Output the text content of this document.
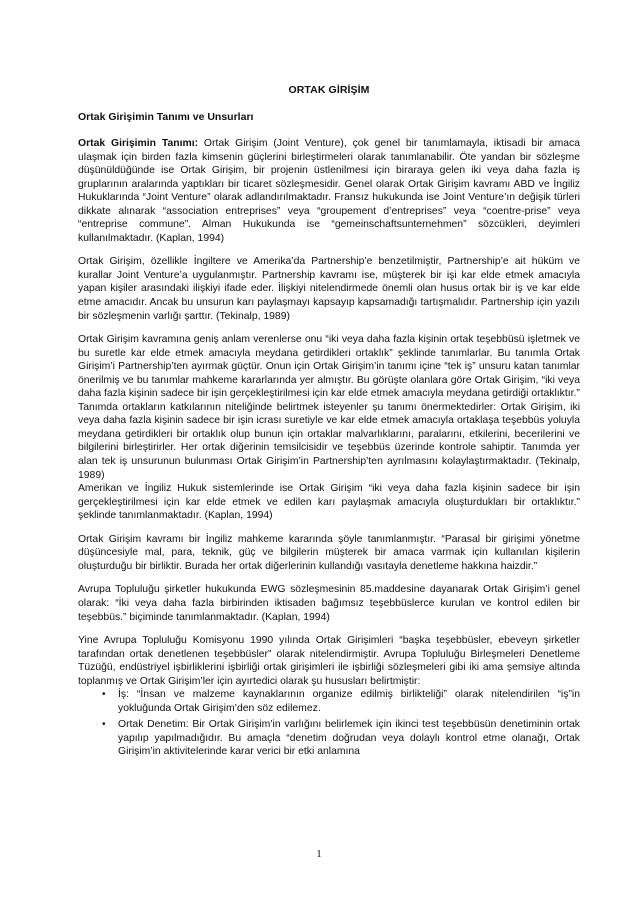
ORTAK GİRİŞİM
Ortak Girişimin Tanımı ve Unsurları

Ortak Girişimin Tanımı: Ortak Girişim (Joint Venture), çok genel bir tanımlamayla, iktisadi bir amaca ulaşmak için birden fazla kimsenin güçlerini birleştirmeleri olarak tanımlanabilir. Öte yandan bir sözleşme düşünüldüğünde ise Ortak Girişim, bir projenin üstlenilmesi için biraraya gelen iki veya daha fazla iş gruplarının aralarında yaptıkları bir ticaret sözleşmesidir. Genel olarak Ortak Girişim kavramı ABD ve İngiliz Hukuklarında “Joint Venture” olarak adlandırılmaktadır. Fransız hukukunda ise Joint Venture’ın değişik türleri dikkate alınarak “association entreprises” veya “groupement d’entreprises” veya “coentre-prise” veya “entreprise commune”. Alman Hukukunda ise “gemeinschaftsunternehmen” sözcükleri, deyimleri kullanılmaktadır. (Kaplan, 1994)

Ortak Girişim, özellikle İngiltere ve Amerika’da Partnership’e benzetilmiştir, Partnership’e ait hüküm ve kurallar Joint Venture’a uygulanmıştır. Partnership kavramı ise, müşterek bir işi kar elde etmek amacıyla yapan kişiler arasındaki ilişkiyi ifade eder. İlişkiyi nitelendirmede önemli olan husus ortak bir iş ve kar elde etme amacıdır. Ancak bu unsurun karı paylaşmayı kapsayıp kapsamadığı tartışmalıdır. Partnership için yazılı bir sözleşmenin varlığı şarttır. (Tekinalp, 1989)

Ortak Girişim kavramına geniş anlam verenlerse onu “iki veya daha fazla kişinin ortak teşebbüsü işletmek ve bu suretle kar elde etmek amacıyla meydana getirdikleri ortaklık” şeklinde tanımlarlar. Bu tanımla Ortak Girişim’i Partnership’ten ayırmak güçtür. Onun için Ortak Girişim’in tanımı içine “tek iş” unsuru katan tanımlar önerilmiş ve bu tanımlar mahkeme kararlarında yer almıştır. Bu görüşte olanlara göre Ortak Girişim, “iki veya daha fazla kişinin sadece bir işin gerçekleştirilmesi için kar elde etmek amacıyla meydana getirdiği ortaklıktır.”

Tanımda ortakların katkılarının niteliğinde belirtmek isteyenler şu tanımı önermektedirler: Ortak Girişim, iki veya daha fazla kişinin sadece bir işin icrası suretiyle ve kar elde etmek amacıyla ortaklaşa teşebbüs yoluyla meydana getirdikleri bir ortaklık olup bunun için ortaklar malvarlıklarını, paralarını, etkilerini, becerilerini ve bilgilerini birleştirirler. Her ortak diğerinin temsilcisidir ve teşebbüs üzerinde kontrole sahiptir. Tanımda yer alan tek iş unsurunun bulunması Ortak Girişim’in Partnership’ten ayrılmasını kolaylaştırmaktadır. (Tekinalp, 1989)

Amerikan ve İngiliz Hukuk sistemlerinde ise Ortak Girişim “iki veya daha fazla kişinin sadece bir işin gerçekleştirilmesi için kar elde etmek ve edilen karı paylaşmak amacıyla oluşturdukları bir ortaklıktır.” şeklinde tanımlanmaktadır. (Kaplan, 1994)

Ortak Girişim kavramı bir İngiliz mahkeme kararında şöyle tanımlanmıştır. “Parasal bir girişimi yönetme düşüncesiyle mal, para, teknik, güç ve bilgilerin müşterek bir amaca varmak için kullanılan kişilerin oluşturduğu bir birliktir. Burada her ortak diğerlerinin kullandığı vasıtayla denetleme hakkına haizdir.”

Avrupa Topluluğu şirketler hukukunda EWG sözleşmesinin 85.maddesine dayanarak Ortak Girişim’i genel olarak: “İki veya daha fazla birbirinden iktisaden bağımsız teşebbüslerce kurulan ve kontrol edilen bir teşebbüs.” biçiminde tanımlanmaktadır. (Kaplan, 1994)

Yine Avrupa Topluluğu Komisyonu 1990 yılında Ortak Girişimleri “başka teşebbüsler, ebeveyn şirketler tarafından ortak denetlenen teşebbüsler” olarak nitelendirmiştir. Avrupa Topluluğu Birleşmeleri Denetleme Tüzüğü, endüstriyel işbirliklerini işbirliği ortak girişimleri ile işbirliği sözleşmeleri gibi iki ama şemsiye altında toplanmış ve Ortak Girişim’ler için ayırtedici olarak şu hususları belirtmiştir:

• İş: “İnsan ve malzeme kaynaklarının organize edilmiş birlikteliği” olarak nitelendirilen “iş”in yokluğunda Ortak Girişim’den söz edilemez.
• Ortak Denetim: Bir Ortak Girişim’in varlığını belirlemek için ikinci test teşebbüsün denetiminin ortak yapılıp yapılmadığıdır. Bu amaçla “denetim doğrudan veya dolaylı kontrol etme olanağı, Ortak Girişim’in aktivitelerinde karar verici bir etki anlamına
1
